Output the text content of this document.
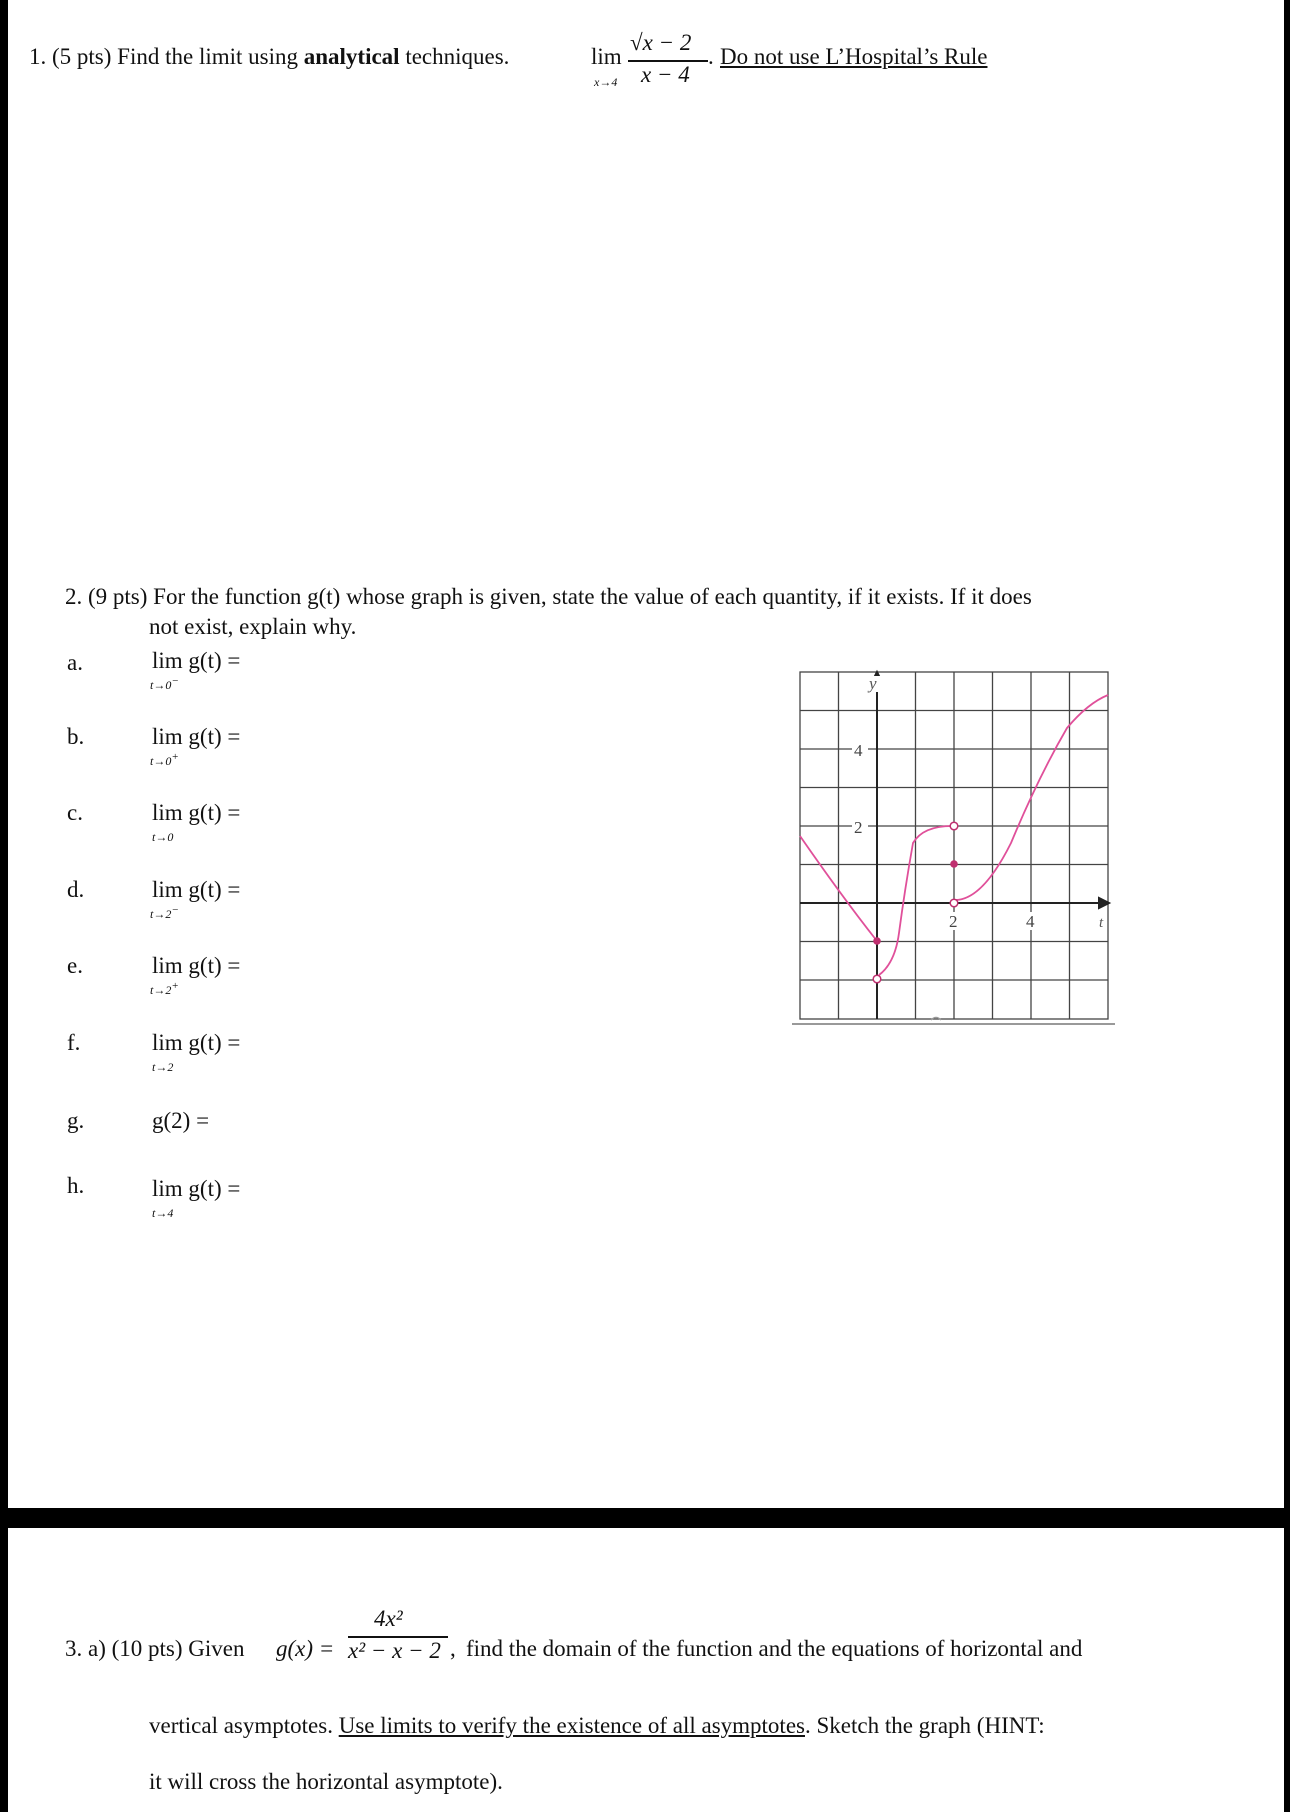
1. (5 pts) Find the limit using analytical techniques.	lim
x→4
√x − 2
x − 4
. Do not use L’Hospital’s Rule
2. (9 pts) For the function g(t) whose graph is given, state the value of each quantity, if it exists. If it does
not exist, explain why.
a.	lim g(t) =
t→0−
b.	lim g(t) =
t→0+
c.	lim g(t) =
t→0
d.	lim g(t) =
t→2−
e.	lim g(t) =
t→2+
f.	lim g(t) =
t→2
g.	g(2) =
h.	lim g(t) =
t→4
y
t
4
2
2	4
3. a) (10 pts) Given g(x) =
4x²
x² − x − 2 , find the domain of the function and the equations of horizontal and
vertical asymptotes. Use limits to verify the existence of all asymptotes. Sketch the graph (HINT:
it will cross the horizontal asymptote).
